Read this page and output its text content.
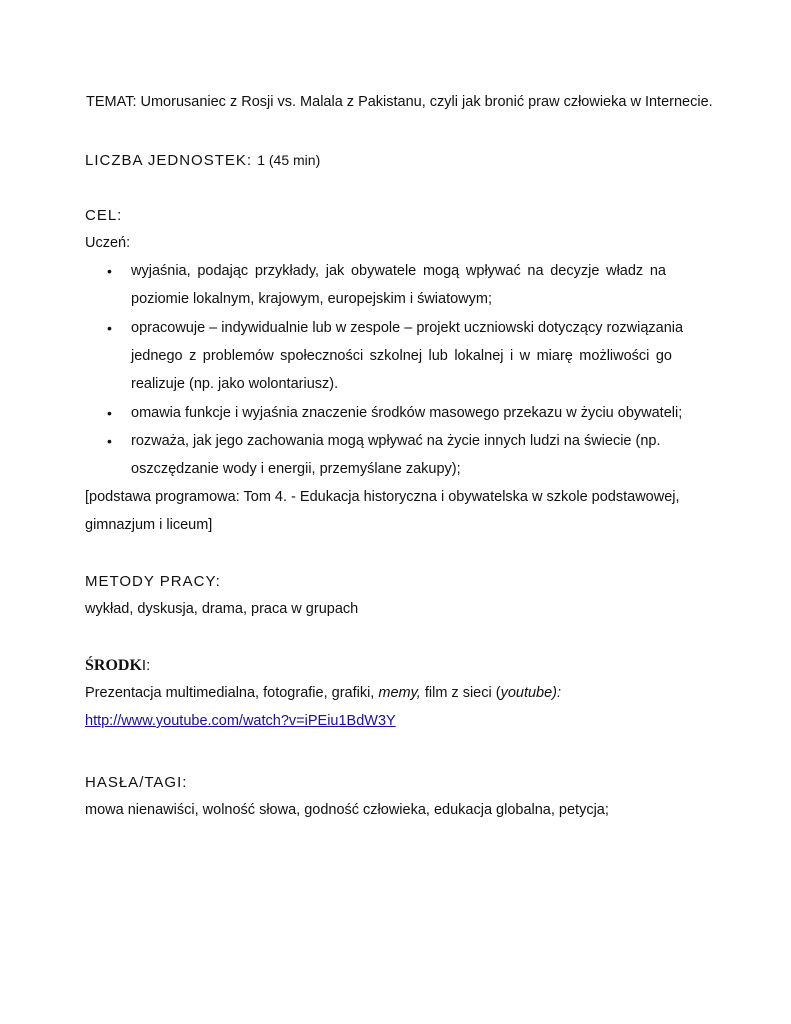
TEMAT: Umorusaniec z Rosji vs. Malala z Pakistanu, czyli jak bronić praw człowieka w Internecie.
LICZBA JEDNOSTEK: 1 (45 min)
CEL:
Uczeń:
• wyjaśnia, podając przykłady, jak obywatele mogą wpływać na decyzje władz na
poziomie lokalnym, krajowym, europejskim i światowym;
• opracowuje – indywidualnie lub w zespole – projekt uczniowski dotyczący rozwiązania
jednego z problemów społeczności szkolnej lub lokalnej i w miarę możliwości go
realizuje (np. jako wolontariusz).
• omawia funkcje i wyjaśnia znaczenie środków masowego przekazu w życiu obywateli;
• rozważa, jak jego zachowania mogą wpływać na życie innych ludzi na świecie (np.
oszczędzanie wody i energii, przemyślane zakupy);
[podstawa programowa: Tom 4. - Edukacja historyczna i obywatelska w szkole podstawowej,
gimnazjum i liceum]
METODY PRACY:
wykład, dyskusja, drama, praca w grupach
ŚRODKI:
Prezentacja multimedialna, fotografie, grafiki, memy, film z sieci (youtube):
http://www.youtube.com/watch?v=iPEiu1BdW3Y
HASŁA/TAGI:
mowa nienawiści, wolność słowa, godność człowieka, edukacja globalna, petycja;
